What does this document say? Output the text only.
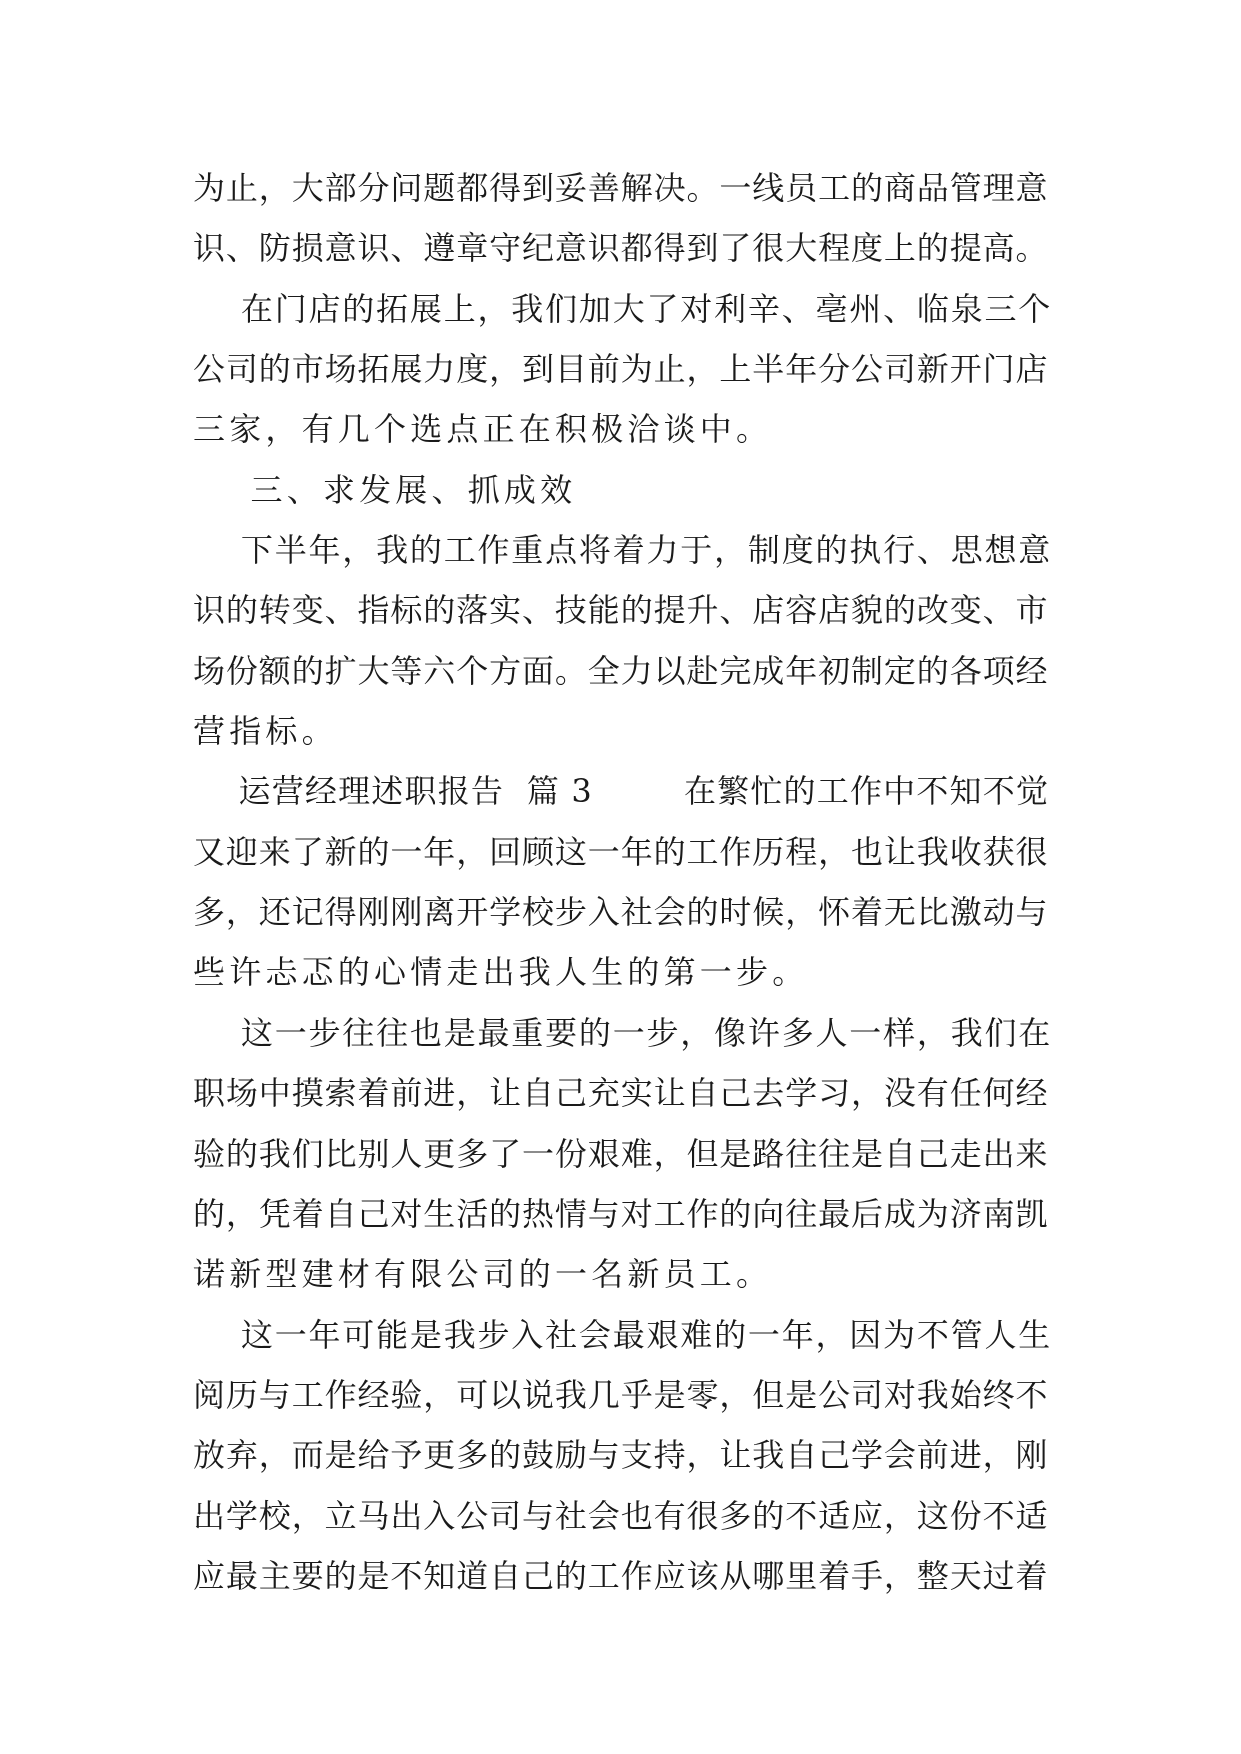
为止，大部分问题都得到妥善解决。一线员工的商品管理意
识、防损意识、遵章守纪意识都得到了很大程度上的提高。
在门店的拓展上，我们加大了对利辛、亳州、临泉三个
公司的市场拓展力度，到目前为止，上半年分公司新开门店
三家，有几个选点正在积极洽谈中。
三、求发展、抓成效
下半年，我的工作重点将着力于，制度的执行、思想意
识的转变、指标的落实、技能的提升、店容店貌的改变、市
场份额的扩大等六个方面。全力以赴完成年初制定的各项经
营指标。
运营经理述职报告  篇 3        在繁忙的工作中不知不觉
又迎来了新的一年，回顾这一年的工作历程，也让我收获很
多，还记得刚刚离开学校步入社会的时候，怀着无比激动与
些许忐忑的心情走出我人生的第一步。
这一步往往也是最重要的一步，像许多人一样，我们在
职场中摸索着前进，让自己充实让自己去学习，没有任何经
验的我们比别人更多了一份艰难，但是路往往是自己走出来
的，凭着自己对生活的热情与对工作的向往最后成为济南凯
诺新型建材有限公司的一名新员工。
这一年可能是我步入社会最艰难的一年，因为不管人生
阅历与工作经验，可以说我几乎是零，但是公司对我始终不
放弃，而是给予更多的鼓励与支持，让我自己学会前进，刚
出学校，立马出入公司与社会也有很多的不适应，这份不适
应最主要的是不知道自己的工作应该从哪里着手，整天过着
